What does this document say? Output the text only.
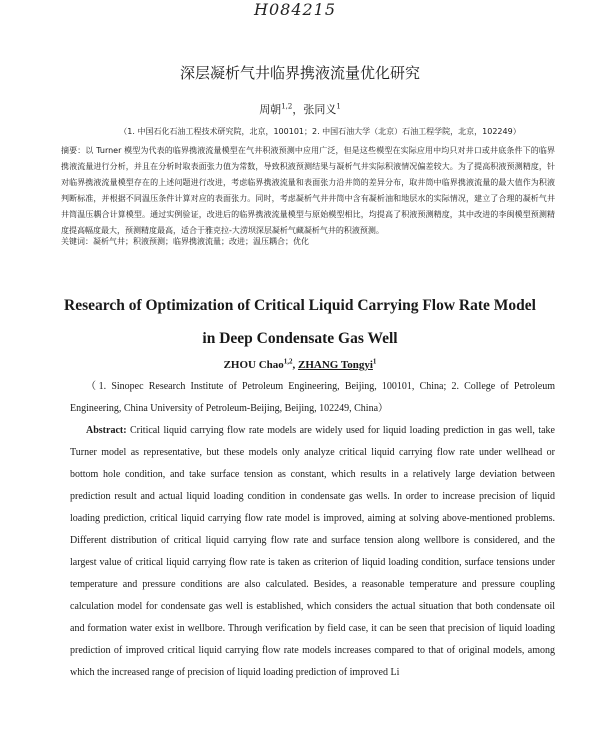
H084215
深层凝析气井临界携液流量优化研究
周朝$^{1,2}$，张同义$^1$
（1. 中国石化石油工程技术研究院，北京，100101；2. 中国石油大学（北京）石油工程学院，北京，102249）
摘要：以 Turner 模型为代表的临界携液流量模型在气井积液预测中应用广泛，但是这些模型在实际应用中均只对井口或井底条件下的临界携液流量进行分析，并且在分析时取表面张力值为常数，导致积液预测结果与凝析气井实际积液情况偏差较大。为了提高积液预测精度，针对临界携液流量模型存在的上述问题进行改进，考虑临界携液流量和表面张力沿井筒的差异分布，取井筒中临界携液流量的最大值作为积液判断标准，并根据不同温压条件计算对应的表面张力。同时，考虑凝析气井井筒中含有凝析油和地层水的实际情况，建立了合理的凝析气井井筒温压耦合计算模型。通过实例验证，改进后的临界携液流量模型与原始模型相比，均提高了积液预测精度，其中改进的李闽模型预测精度提高幅度最大，预测精度最高，适合于雅克拉-大涝坝深层凝析气藏凝析气井的积液预测。
关键词：凝析气井；积液预测；临界携液流量；改进；温压耦合；优化
Research of Optimization of Critical Liquid Carrying Flow Rate Model
in Deep Condensate Gas Well
ZHOU Chao$^{1,2}$, ZHANG Tongyi$^1$
（1. Sinopec Research Institute of Petroleum Engineering, Beijing, 100101, China; 2. College of Petroleum Engineering, China University of Petroleum-Beijing, Beijing, 102249, China）
Abstract: Critical liquid carrying flow rate models are widely used for liquid loading prediction in gas well, take Turner model as representative, but these models only analyze critical liquid carrying flow rate under wellhead or bottom hole condition, and take surface tension as constant, which results in a relatively large deviation between prediction result and actual liquid loading condition in condensate gas wells. In order to increase precision of liquid loading prediction, critical liquid carrying flow rate model is improved, aiming at solving above-mentioned problems. Different distribution of critical liquid carrying flow rate and surface tension along wellbore is considered, and the largest value of critical liquid carrying flow rate is taken as criterion of liquid loading condition, surface tensions under temperature and pressure conditions are also calculated. Besides, a reasonable temperature and pressure coupling calculation model for condensate gas well is established, which considers the actual situation that both condensate oil and formation water exist in wellbore. Through verification by field case, it can be seen that precision of liquid loading prediction of improved critical liquid carrying flow rate models increases compared to that of original models, among which the increased range of precision of liquid loading prediction of improved Li
